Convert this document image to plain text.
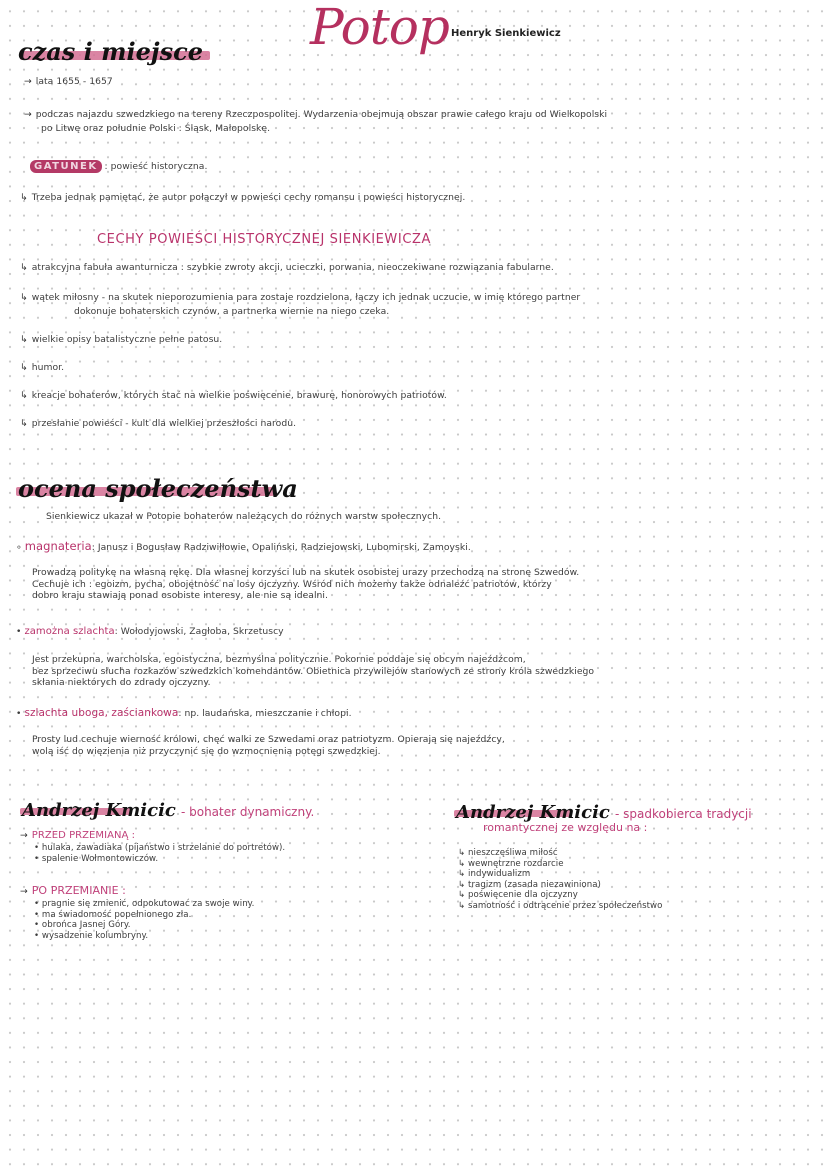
Potop Henryk Sienkiewicz
czas i miejsce
→ lata 1655 - 1657
→ podczas najazdu szwedzkiego na tereny Rzeczpospolitej. Wydarzenia obejmują obszar prawie całego kraju od Wielkopolski
po Litwę oraz południe Polski : Śląsk, Małopolskę.
GATUNEK : powieść historyczna.
↳ Trzeba jednak pamiętać, że autor połączył w powieści cechy romansu i powieści historycznej.
CECHY POWIEŚCI HISTORYCZNEJ SIENKIEWICZA
↳ atrakcyjna fabuła awanturnicza : szybkie zwroty akcji, ucieczki, porwania, nieoczekiwane rozwiązania fabularne.
↳ wątek miłosny - na skutek nieporozumienia para zostaje rozdzielona, łączy ich jednak uczucie, w imię którego partner
dokonuje bohaterskich czynów, a partnerka wiernie na niego czeka.
↳ wielkie opisy batalistyczne pełne patosu.
↳ humor.
↳ kreacje bohaterów, których stać na wielkie poświęcenie, brawurę, honorowych patriotów.
↳ przesłanie powieści - kult dla wielkiej przeszłości narodu.
ocena społeczeństwa
Sienkiewicz ukazał w Potopie bohaterów należących do różnych warstw społecznych.
∘ magnateria: Janusz i Bogusław Radziwiłłowie, Opaliński, Radziejowski, Lubomirski, Zamoyski.
Prowadzą politykę na własną rękę. Dla własnej korzyści lub na skutek osobistej urazy przechodzą na stronę Szwedów.
Cechuje ich : egoizm, pycha, obojętność na losy ojczyzny. Wśród nich możemy także odnaleźć patriotów, którzy
dobro kraju stawiają ponad osobiste interesy, ale nie są idealni.
• zamożna szlachta: Wołodyjowski, Zagłoba, Skrzetuscy
Jest przekupna, warcholska, egoistyczna, bezmyślna politycznie. Pokornie poddaje się obcym najeźdźcom,
bez sprzeciwu słucha rozkazów szwedzkich komendantów. Obietnica przywilejów stanowych ze strony króla szwedzkiego
skłania niektórych do zdrady ojczyzny.
• szlachta uboga, zaściankowa: np. laudańska, mieszczanie i chłopi.
Prosty lud cechuje wierność królowi, chęć walki ze Szwedami oraz patriotyzm. Opierają się najeźdźcy,
wolą iść do więzienia niż przyczynić się do wzmocnienia potęgi szwedzkiej.
Andrzej Kmicic - bohater dynamiczny.
→ PRZED PRZEMIANĄ :
• hulaka, zawadiaka (pijaństwo i strzelanie do portretów).
• spalenie Wołmontowiczów.
→ PO PRZEMIANIE :
• pragnie się zmienić, odpokutować za swoje winy.
• ma świadomość popełnionego zła.
• obrońca Jasnej Góry.
• wysadzenie kolumbryny.
Andrzej Kmicic - spadkobierca tradycji
romantycznej ze względu na :
↳ nieszczęśliwa miłość
↳ wewnętrzne rozdarcie
↳ indywidualizm
↳ tragizm (zasada niezawiniona)
↳ poświęcenie dla ojczyzny
↳ samotność i odtrącenie przez społeczeństwo
